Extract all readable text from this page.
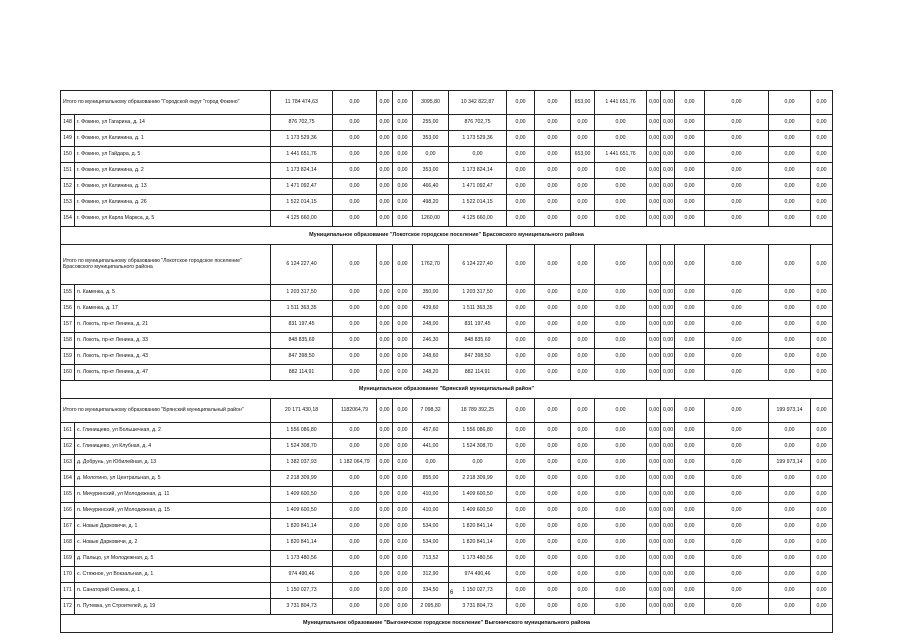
Итого по муниципальному образованию "Городской округ "город Фокино"		11 784 474,63	0,00	0,00	0,00	3095,80	10 342 822,87	0,00	0,00	653,00	1 441 651,76	0,00	0,00	0,00	0,00	0,00	0,00
148	г. Фокино, ул Гагарина, д. 14	876 702,75	0,00	0,00	0,00	255,00	876 702,75	0,00	0,00	0,00	0,00	0,00	0,00	0,00	0,00	0,00	0,00
149	г. Фокино, ул Калинина, д. 1	1 173 529,36	0,00	0,00	0,00	353,00	1 173 529,36	0,00	0,00	0,00	0,00	0,00	0,00	0,00	0,00	0,00	0,00
150	г. Фокино, ул Гайдара, д. 5	1 441 651,76	0,00	0,00	0,00	0,00	0,00	0,00	0,00	653,00	1 441 651,76	0,00	0,00	0,00	0,00	0,00	0,00
151	г. Фокино, ул Калинина, д. 2	1 173 824,14	0,00	0,00	0,00	353,00	1 173 824,14	0,00	0,00	0,00	0,00	0,00	0,00	0,00	0,00	0,00	0,00
152	г. Фокино, ул Калинина, д. 13	1 471 092,47	0,00	0,00	0,00	466,40	1 471 092,47	0,00	0,00	0,00	0,00	0,00	0,00	0,00	0,00	0,00	0,00
153	г. Фокино, ул Калинина, д. 26	1 522 014,15	0,00	0,00	0,00	498,20	1 522 014,15	0,00	0,00	0,00	0,00	0,00	0,00	0,00	0,00	0,00	0,00
154	г. Фокино, ул Карла Маркса, д. 5	4 125 660,00	0,00	0,00	0,00	1260,00	4 125 660,00	0,00	0,00	0,00	0,00	0,00	0,00	0,00	0,00	0,00	0,00
Муниципальное образование "Локотское городское поселение" Брасовского муниципального района																	
Итого по муниципальному образованию "Локотское городское поселение" Брасовского муниципального района		6 124 227,40	0,00	0,00	0,00	1762,70	6 124 227,40	0,00	0,00	0,00	0,00	0,00	0,00	0,00	0,00	0,00	0,00
155	п. Каменка, д. 5	1 203 317,50	0,00	0,00	0,00	350,00	1 203 317,50	0,00	0,00	0,00	0,00	0,00	0,00	0,00	0,00	0,00	0,00
156	п. Каменка, д. 17	1 511 363,35	0,00	0,00	0,00	439,60	1 511 363,35	0,00	0,00	0,00	0,00	0,00	0,00	0,00	0,00	0,00	0,00
157	п. Локоть, пр-кт Ленина, д. 21	831 197,45	0,00	0,00	0,00	248,00	831 197,45	0,00	0,00	0,00	0,00	0,00	0,00	0,00	0,00	0,00	0,00
158	п. Локоть, пр-кт Ленина, д. 33	848 835,69	0,00	0,00	0,00	246,30	848 835,69	0,00	0,00	0,00	0,00	0,00	0,00	0,00	0,00	0,00	0,00
159	п. Локоть, пр-кт Ленина, д. 43	847 398,50	0,00	0,00	0,00	248,60	847 398,50	0,00	0,00	0,00	0,00	0,00	0,00	0,00	0,00	0,00	0,00
160	п. Локоть, пр-кт Ленина, д. 47	882 114,91	0,00	0,00	0,00	248,20	882 114,91	0,00	0,00	0,00	0,00	0,00	0,00	0,00	0,00	0,00	0,00
Муниципальное образование "Брянский муниципальный район"																	
Итого по муниципальному образованию "Брянский муниципальный район"		20 171 430,18	1182064,79	0,00	0,00	7 098,32	18 789 392,25	0,00	0,00	0,00	0,00	0,00	0,00	0,00	0,00	199 973,14	0,00
161	с. Глинищево, ул Большечная, д. 2	1 556 086,80	0,00	0,00	0,00	457,60	1 556 086,80	0,00	0,00	0,00	0,00	0,00	0,00	0,00	0,00	0,00	0,00
162	с. Глинищево, ул Клубная, д. 4	1 524 308,70	0,00	0,00	0,00	441,00	1 524 308,70	0,00	0,00	0,00	0,00	0,00	0,00	0,00	0,00	0,00	0,00
163	д. Добрунь, ул Юбилейная, д. 13	1 382 037,93	1 182 064,79	0,00	0,00	0,00	0,00	0,00	0,00	0,00	0,00	0,00	0,00	0,00	0,00	199 973,14	0,00
164	д. Молотино, ул Центральная, д. 5	2 218 309,99	0,00	0,00	0,00	855,00	2 218 309,99	0,00	0,00	0,00	0,00	0,00	0,00	0,00	0,00	0,00	0,00
165	п. Мичуринский, ул Молодежная, д. 11	1 409 600,50	0,00	0,00	0,00	410,00	1 409 600,50	0,00	0,00	0,00	0,00	0,00	0,00	0,00	0,00	0,00	0,00
166	п. Мичуринский, ул Молодежная, д. 15	1 409 600,50	0,00	0,00	0,00	410,00	1 409 600,50	0,00	0,00	0,00	0,00	0,00	0,00	0,00	0,00	0,00	0,00
167	с. Новые Дарковичи, д. 1	1 820 841,14	0,00	0,00	0,00	534,00	1 820 841,14	0,00	0,00	0,00	0,00	0,00	0,00	0,00	0,00	0,00	0,00
168	с. Новые Дарковичи, д. 2	1 820 841,14	0,00	0,00	0,00	534,00	1 820 841,14	0,00	0,00	0,00	0,00	0,00	0,00	0,00	0,00	0,00	0,00
169	д. Пальцо, ул Молодежная, д. 5	1 173 480,56	0,00	0,00	0,00	713,52	1 173 480,56	0,00	0,00	0,00	0,00	0,00	0,00	0,00	0,00	0,00	0,00
170	с. Стяжное, ул Вокзальная, д. 1	974 490,46	0,00	0,00	0,00	312,90	974 490,46	0,00	0,00	0,00	0,00	0,00	0,00	0,00	0,00	0,00	0,00
171	п. Санаторий Снежка, д. 1	1 150 027,73	0,00	0,00	0,00	334,50	1 150 027,73	0,00	0,00	0,00	0,00	0,00	0,00	0,00	0,00	0,00	0,00
172	п. Путевка, ул Строителей, д. 19	3 731 804,73	0,00	0,00	0,00	2 095,80	3 731 804,73	0,00	0,00	0,00	0,00	0,00	0,00	0,00	0,00	0,00	0,00
Муниципальное образование "Выгоничское городское поселение" Выгоничского муниципального района																	
6
